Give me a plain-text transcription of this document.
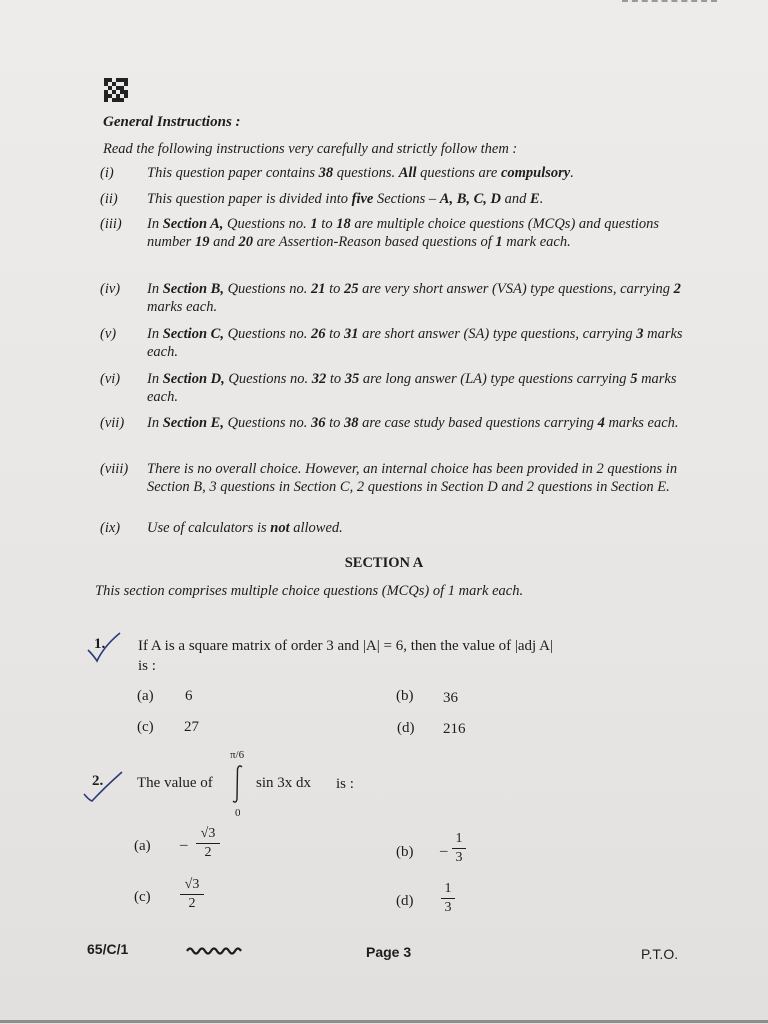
General Instructions :
Read the following instructions very carefully and strictly follow them :
(i) This question paper contains 38 questions. All questions are compulsory.
(ii) This question paper is divided into five Sections – A, B, C, D and E.
(iii) In Section A, Questions no. 1 to 18 are multiple choice questions (MCQs) and questions number 19 and 20 are Assertion-Reason based questions of 1 mark each.
(iv) In Section B, Questions no. 21 to 25 are very short answer (VSA) type questions, carrying 2 marks each.
(v) In Section C, Questions no. 26 to 31 are short answer (SA) type questions, carrying 3 marks each.
(vi) In Section D, Questions no. 32 to 35 are long answer (LA) type questions carrying 5 marks each.
(vii) In Section E, Questions no. 36 to 38 are case study based questions carrying 4 marks each.
(viii) There is no overall choice. However, an internal choice has been provided in 2 questions in Section B, 3 questions in Section C, 2 questions in Section D and 2 questions in Section E.
(ix) Use of calculators is not allowed.
SECTION A
This section comprises multiple choice questions (MCQs) of 1 mark each.
1. If A is a square matrix of order 3 and |A| = 6, then the value of |adj A|
is :
(a) 6	(b) 36
(c) 27	(d) 216
2. The value of
π/6
0
sin 3x dx is :
(a) –
√3
2	(b) –
1
3
(c)
√3
2	(d)
1
3
65/C/1	Page 3	P.T.O.
